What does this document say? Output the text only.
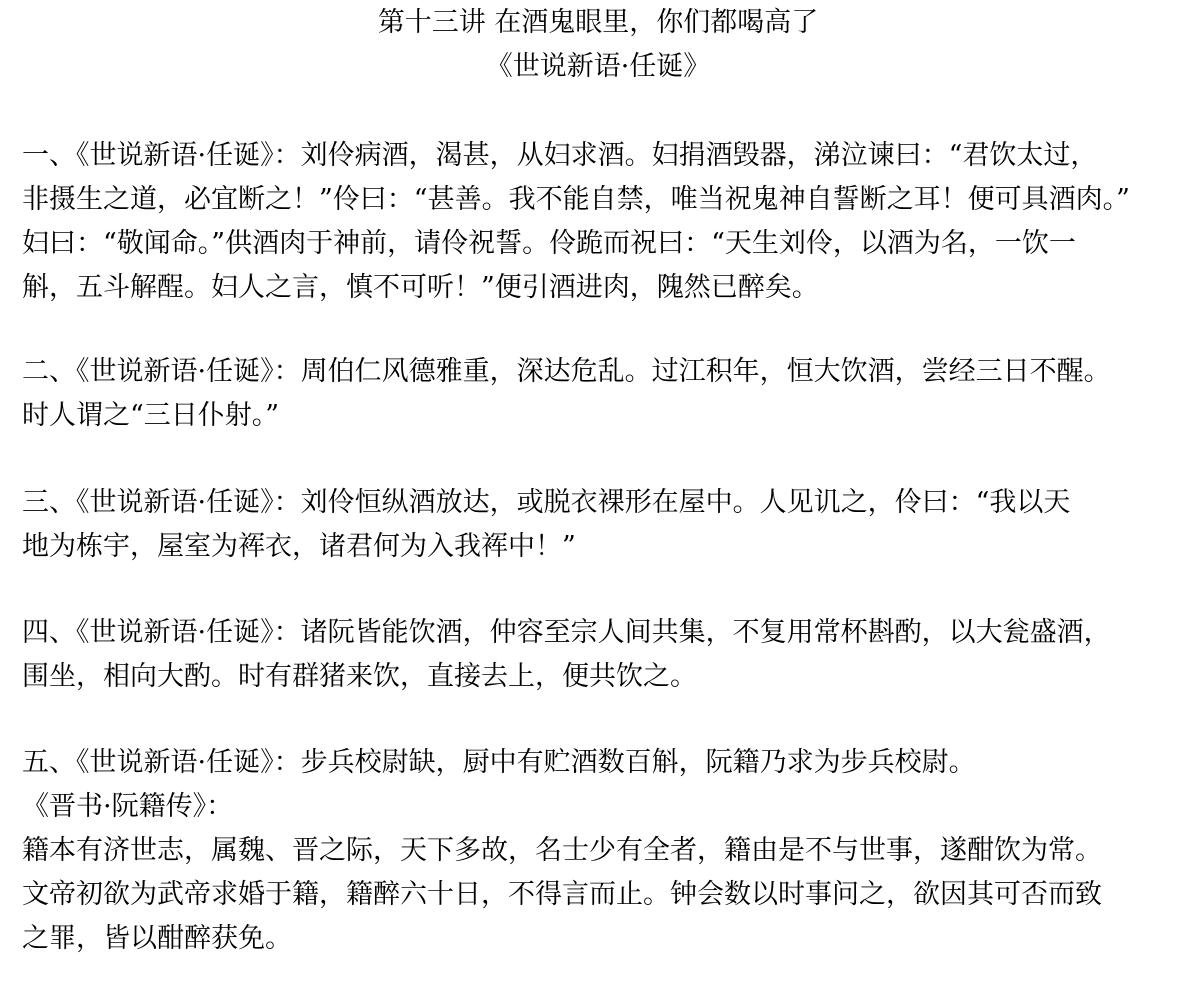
第十三讲 在酒鬼眼里，你们都喝高了
《世说新语·任诞》
一、《世说新语·任诞》：刘伶病酒，渴甚，从妇求酒。妇捐酒毁器，涕泣谏曰：“君饮太过，
非摄生之道，必宜断之！”伶曰：“甚善。我不能自禁，唯当祝鬼神自誓断之耳！便可具酒肉。”
妇曰：“敬闻命。”供酒肉于神前，请伶祝誓。伶跪而祝曰：“天生刘伶，以酒为名，一饮一
斛，五斗解酲。妇人之言，慎不可听！”便引酒进肉，隗然已醉矣。
二、《世说新语·任诞》：周伯仁风德雅重，深达危乱。过江积年，恒大饮酒，尝经三日不醒。
时人谓之“三日仆射。”
三、《世说新语·任诞》：刘伶恒纵酒放达，或脱衣裸形在屋中。人见讥之，伶曰：“我以天
地为栋宇，屋室为裈衣，诸君何为入我裈中！”
四、《世说新语·任诞》：诸阮皆能饮酒，仲容至宗人间共集，不复用常杯斟酌，以大瓮盛酒，
围坐，相向大酌。时有群猪来饮，直接去上，便共饮之。
五、《世说新语·任诞》：步兵校尉缺，厨中有贮酒数百斛，阮籍乃求为步兵校尉。
《晋书·阮籍传》：
籍本有济世志，属魏、晋之际，天下多故，名士少有全者，籍由是不与世事，遂酣饮为常。
文帝初欲为武帝求婚于籍，籍醉六十日，不得言而止。钟会数以时事问之，欲因其可否而致
之罪，皆以酣醉获免。
